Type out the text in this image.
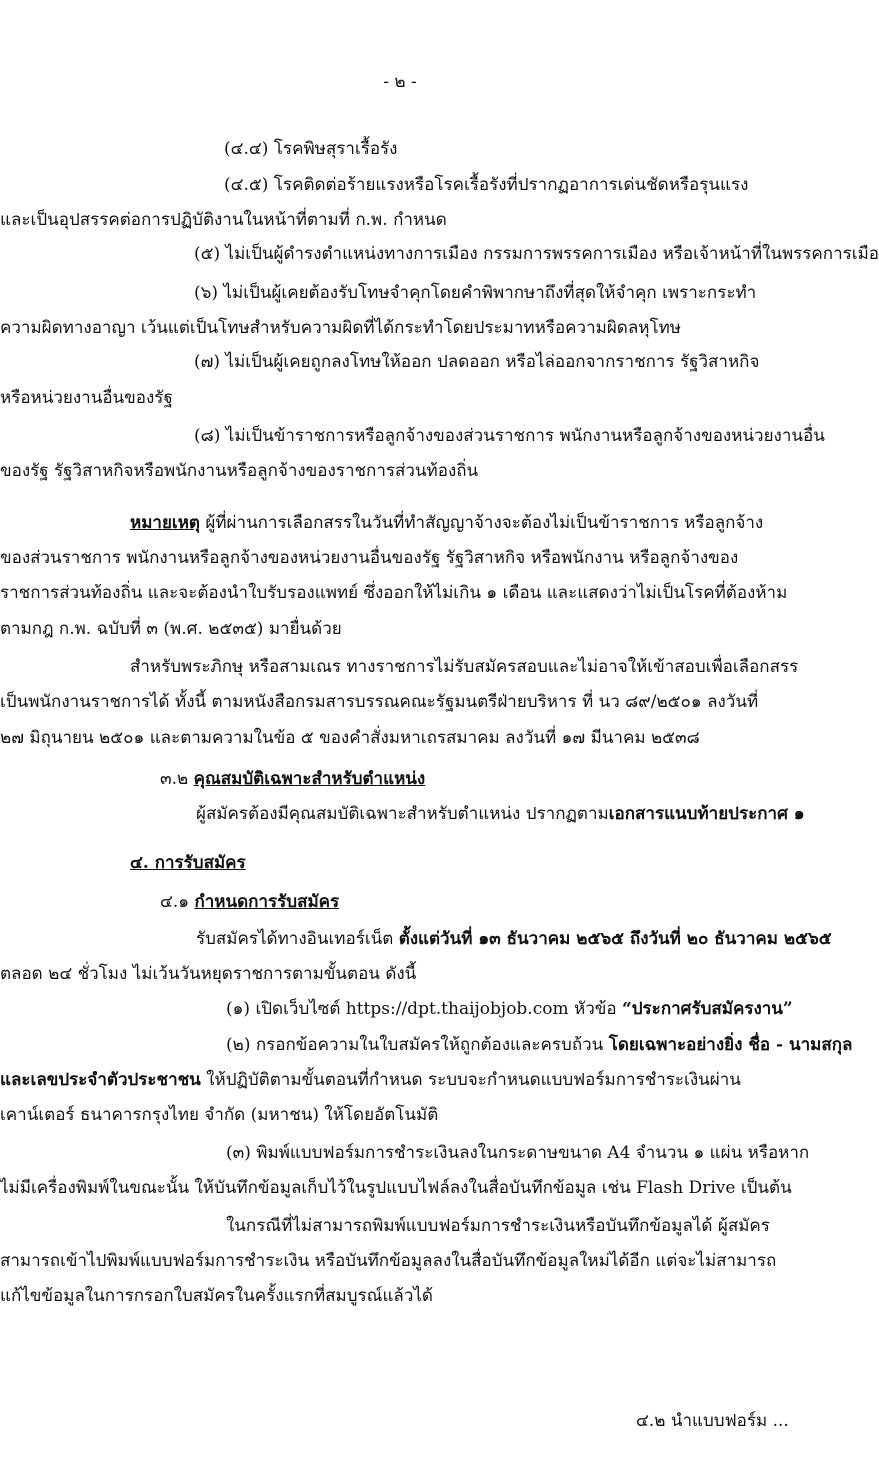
- ๒ -
(๔.๔) โรคพิษสุราเรื้อรัง
(๔.๕) โรคติดต่อร้ายแรงหรือโรคเรื้อรังที่ปรากฏอาการเด่นชัดหรือรุนแรง
และเป็นอุปสรรคต่อการปฏิบัติงานในหน้าที่ตามที่ ก.พ. กำหนด
(๕) ไม่เป็นผู้ดำรงตำแหน่งทางการเมือง กรรมการพรรคการเมือง หรือเจ้าหน้าที่ในพรรคการเมือ
(๖) ไม่เป็นผู้เคยต้องรับโทษจำคุกโดยคำพิพากษาถึงที่สุดให้จำคุก เพราะกระทำ
ความผิดทางอาญา เว้นแต่เป็นโทษสำหรับความผิดที่ได้กระทำโดยประมาทหรือความผิดลหุโทษ
(๗) ไม่เป็นผู้เคยถูกลงโทษให้ออก ปลดออก หรือไล่ออกจากราชการ รัฐวิสาหกิจ
หรือหน่วยงานอื่นของรัฐ
(๘) ไม่เป็นข้าราชการหรือลูกจ้างของส่วนราชการ พนักงานหรือลูกจ้างของหน่วยงานอื่น
ของรัฐ รัฐวิสาหกิจหรือพนักงานหรือลูกจ้างของราชการส่วนท้องถิ่น
หมายเหตุ ผู้ที่ผ่านการเลือกสรรในวันที่ทำสัญญาจ้างจะต้องไม่เป็นข้าราชการ หรือลูกจ้าง
ของส่วนราชการ พนักงานหรือลูกจ้างของหน่วยงานอื่นของรัฐ รัฐวิสาหกิจ หรือพนักงาน หรือลูกจ้างของ
ราชการส่วนท้องถิ่น และจะต้องนำใบรับรองแพทย์ ซึ่งออกให้ไม่เกิน ๑ เดือน และแสดงว่าไม่เป็นโรคที่ต้องห้าม
ตามกฎ ก.พ. ฉบับที่ ๓ (พ.ศ. ๒๕๓๕) มายื่นด้วย
สำหรับพระภิกษุ หรือสามเณร ทางราชการไม่รับสมัครสอบและไม่อาจให้เข้าสอบเพื่อเลือกสรร
เป็นพนักงานราชการได้ ทั้งนี้ ตามหนังสือกรมสารบรรณคณะรัฐมนตรีฝ่ายบริหาร ที่ นว ๘๙/๒๕๐๑ ลงวันที่
๒๗ มิถุนายน ๒๕๐๑ และตามความในข้อ ๕ ของคำสั่งมหาเถรสมาคม ลงวันที่ ๑๗ มีนาคม ๒๕๓๘
๓.๒ คุณสมบัติเฉพาะสำหรับตำแหน่ง
ผู้สมัครต้องมีคุณสมบัติเฉพาะสำหรับตำแหน่ง ปรากฏตามเอกสารแนบท้ายประกาศ ๑
๔. การรับสมัคร
๔.๑ กำหนดการรับสมัคร
รับสมัครได้ทางอินเทอร์เน็ต ตั้งแต่วันที่ ๑๓ ธันวาคม ๒๕๖๕ ถึงวันที่ ๒๐ ธันวาคม ๒๕๖๕
ตลอด ๒๔ ชั่วโมง ไม่เว้นวันหยุดราชการตามขั้นตอน ดังนี้
(๑) เปิดเว็บไซต์ https://dpt.thaijobjob.com หัวข้อ “ประกาศรับสมัครงาน”
(๒) กรอกข้อความในใบสมัครให้ถูกต้องและครบถ้วน โดยเฉพาะอย่างยิ่ง ชื่อ - นามสกุล
และเลขประจำตัวประชาชน ให้ปฏิบัติตามขั้นตอนที่กำหนด ระบบจะกำหนดแบบฟอร์มการชำระเงินผ่าน
เคาน์เตอร์ ธนาคารกรุงไทย จำกัด (มหาชน) ให้โดยอัตโนมัติ
(๓) พิมพ์แบบฟอร์มการชำระเงินลงในกระดาษขนาด A4 จำนวน ๑ แผ่น หรือหาก
ไม่มีเครื่องพิมพ์ในขณะนั้น ให้บันทึกข้อมูลเก็บไว้ในรูปแบบไฟล์ลงในสื่อบันทึกข้อมูล เช่น Flash Drive เป็นต้น
ในกรณีที่ไม่สามารถพิมพ์แบบฟอร์มการชำระเงินหรือบันทึกข้อมูลได้ ผู้สมัคร
สามารถเข้าไปพิมพ์แบบฟอร์มการชำระเงิน หรือบันทึกข้อมูลลงในสื่อบันทึกข้อมูลใหม่ได้อีก แต่จะไม่สามารถ
แก้ไขข้อมูลในการกรอกใบสมัครในครั้งแรกที่สมบูรณ์แล้วได้
๔.๒ นำแบบฟอร์ม ...
